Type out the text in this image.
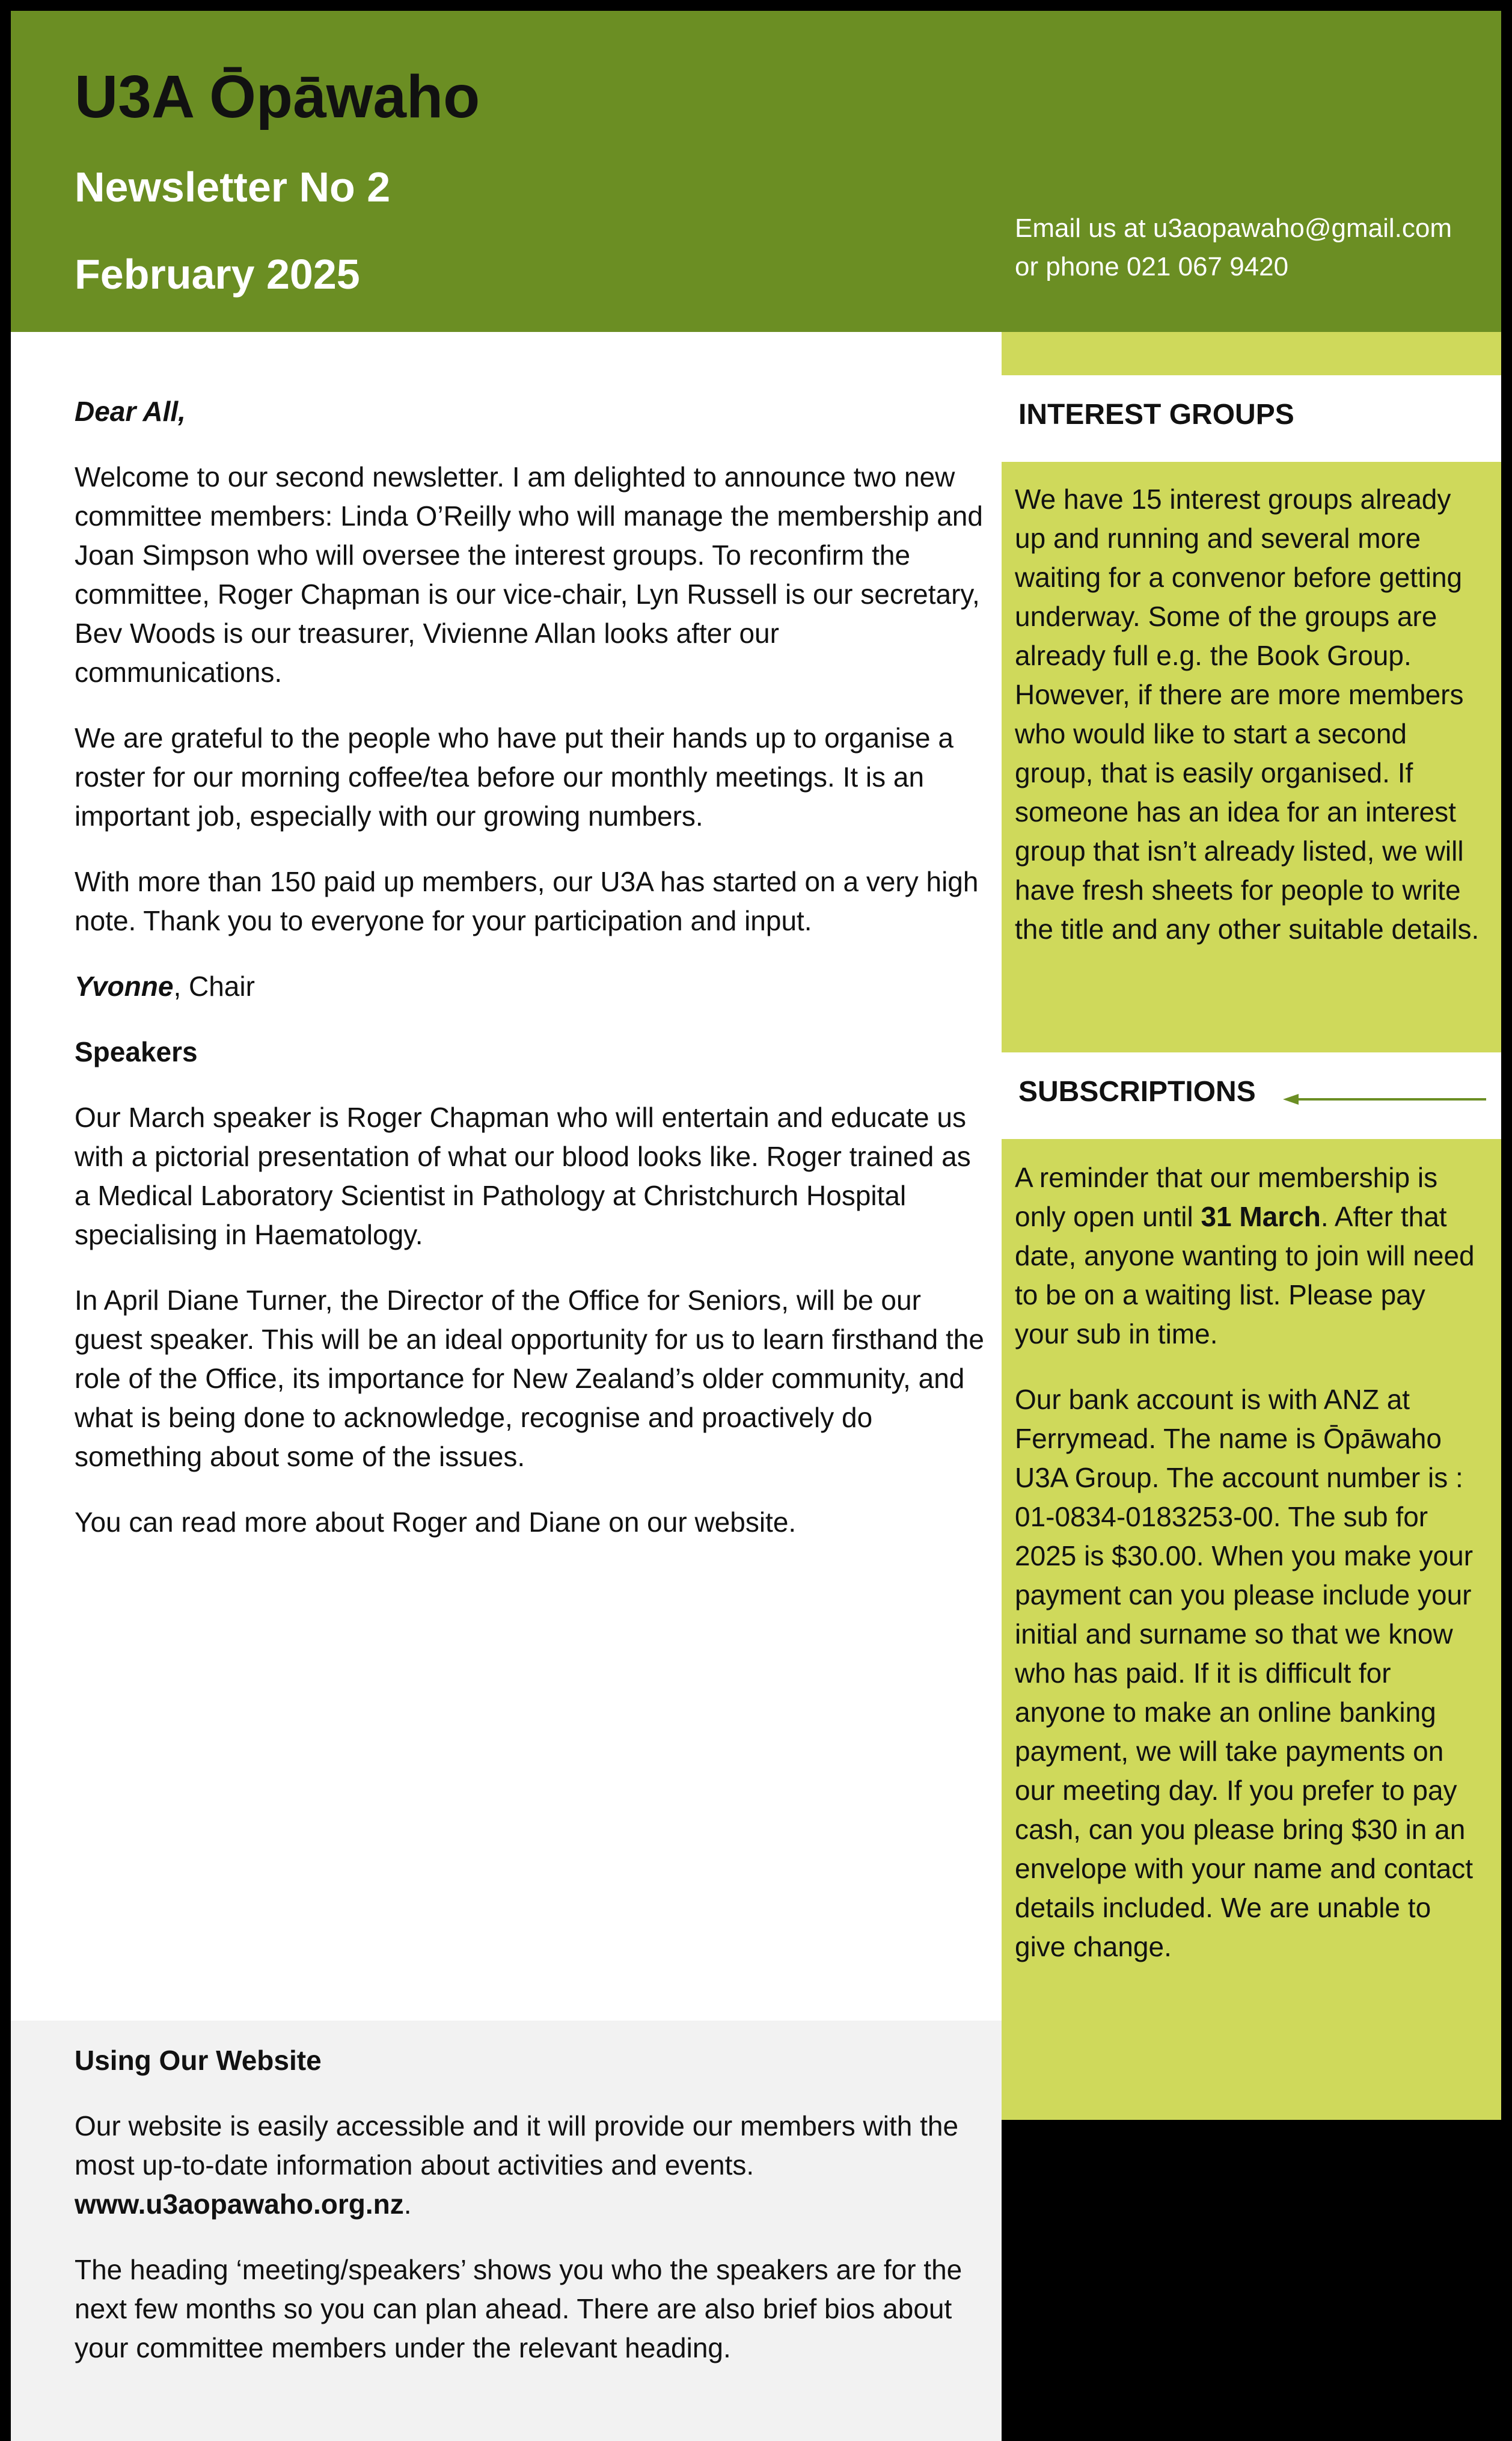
U3A Ōpāwaho
Newsletter No 2
February 2025
Email us at u3aopawaho@gmail.com
or phone 021 067 9420

Dear All,

Welcome to our second newsletter. I am delighted to announce two new committee members: Linda O’Reilly who will manage the membership and Joan Simpson who will oversee the interest groups. To reconfirm the committee, Roger Chapman is our vice-chair, Lyn Russell is our secretary, Bev Woods is our treasurer, Vivienne Allan looks after our communications.

We are grateful to the people who have put their hands up to organise a roster for our morning coffee/tea before our monthly meetings. It is an important job, especially with our growing numbers.

With more than 150 paid up members, our U3A has started on a very high note. Thank you to everyone for your participation and input.

Yvonne, Chair

Speakers

Our March speaker is Roger Chapman who will entertain and educate us with a pictorial presentation of what our blood looks like. Roger trained as a Medical Laboratory Scientist in Pathology at Christchurch Hospital specialising in Haematology.

In April Diane Turner, the Director of the Office for Seniors, will be our guest speaker. This will be an ideal opportunity for us to learn firsthand the role of the Office, its importance for New Zealand’s older community, and what is being done to acknowledge, recognise and proactively do something about some of the issues.

You can read more about Roger and Diane on our website.

Using Our Website

Our website is easily accessible and it will provide our members with the most up-to-date information about activities and events. www.u3aopawaho.org.nz.

The heading ‘meeting/speakers’ shows you who the speakers are for the next few months so you can plan ahead. There are also brief bios about your committee members under the relevant heading.

INTEREST GROUPS

We have 15 interest groups already up and running and several more waiting for a convenor before getting underway. Some of the groups are already full e.g. the Book Group. However, if there are more members who would like to start a second group, that is easily organised. If someone has an idea for an interest group that isn’t already listed, we will have fresh sheets for people to write the title and any other suitable details.

SUBSCRIPTIONS

A reminder that our membership is only open until 31 March. After that date, anyone wanting to join will need to be on a waiting list. Please pay your sub in time.

Our bank account is with ANZ at Ferrymead. The name is Ōpāwaho U3A Group. The account number is : 01-0834-0183253-00. The sub for 2025 is $30.00. When you make your payment can you please include your initial and surname so that we know who has paid. If it is difficult for anyone to make an online banking payment, we will take payments on our meeting day. If you prefer to pay cash, can you please bring $30 in an envelope with your name and contact details included. We are unable to give change.
